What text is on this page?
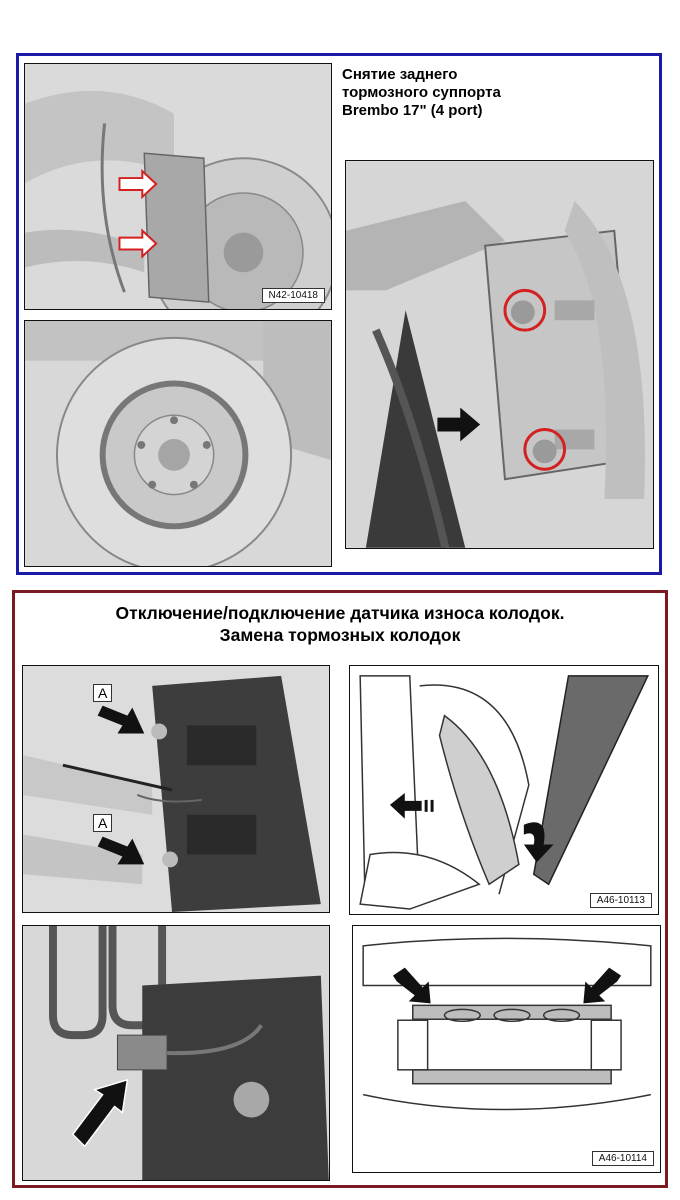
Снятие заднего
тормозного суппорта
Brembo 17" (4 port)
N42-10418
Отключение/подключение датчика износа колодок.
Замена тормозных колодок
A
A
A46-10113
A46-10114
